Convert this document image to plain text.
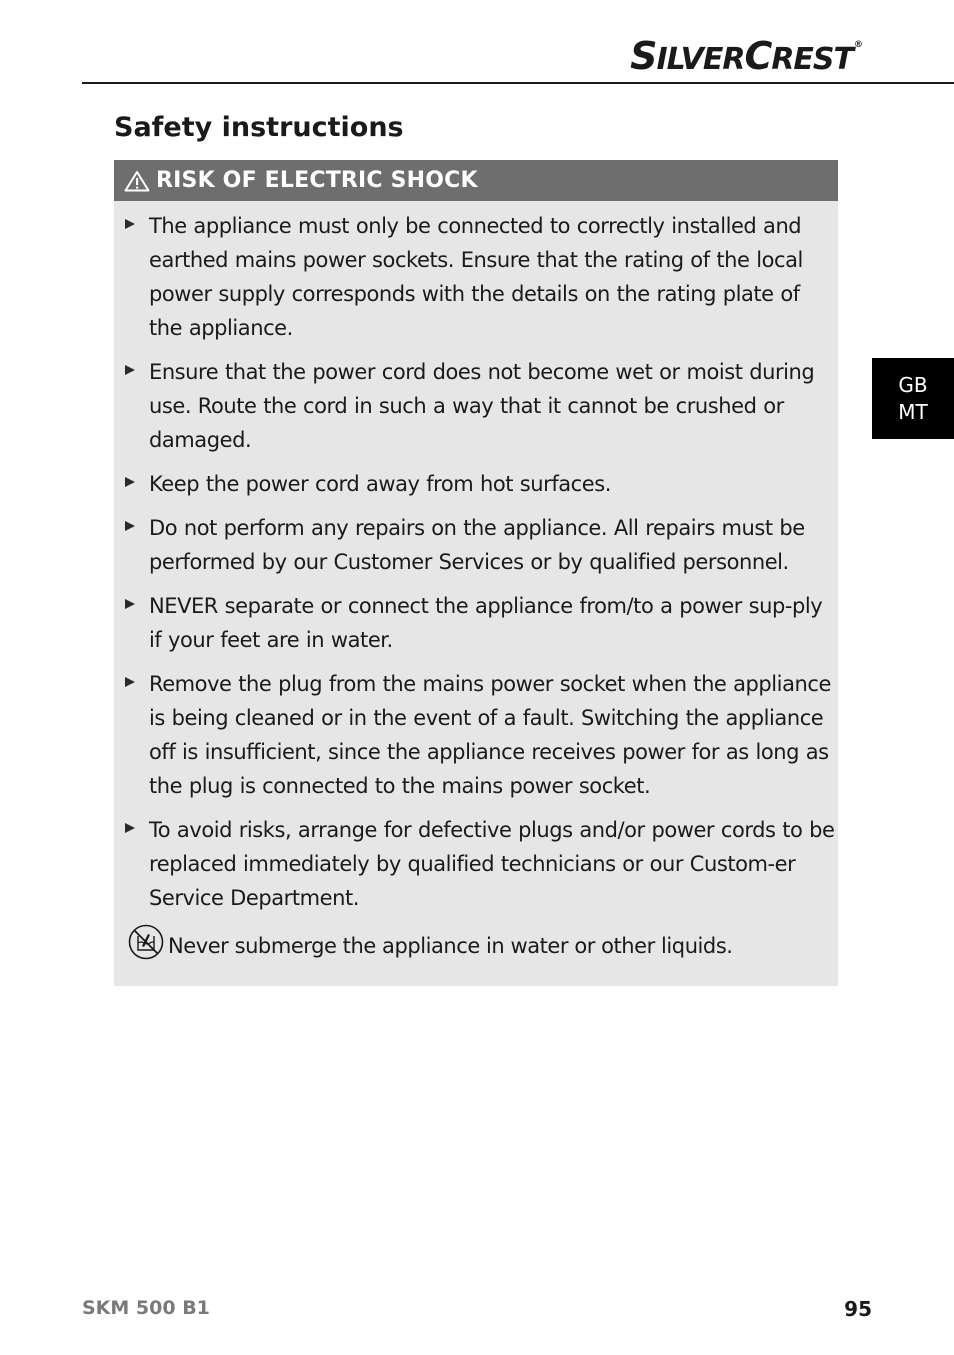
SILVERCREST®
Safety instructions
RISK OF ELECTRIC SHOCK
The appliance must only be connected to correctly installed and earthed mains power sockets. Ensure that the rating of the local power supply corresponds with the details on the rating plate of the appliance.
Ensure that the power cord does not become wet or moist during use. Route the cord in such a way that it cannot be crushed or damaged.
Keep the power cord away from hot surfaces.
Do not perform any repairs on the appliance. All repairs must be performed by our Customer Services or by qualified personnel.
NEVER separate or connect the appliance from/to a power sup-ply if your feet are in water.
Remove the plug from the mains power socket when the appliance is being cleaned or in the event of a fault. Switching the appliance off is insufficient, since the appliance receives power for as long as the plug is connected to the mains power socket.
To avoid risks, arrange for defective plugs and/or power cords to be replaced immediately by qualified technicians or our Custom-er Service Department.
Never submerge the appliance in water or other liquids.
GB
MT
SKM 500 B1	95
